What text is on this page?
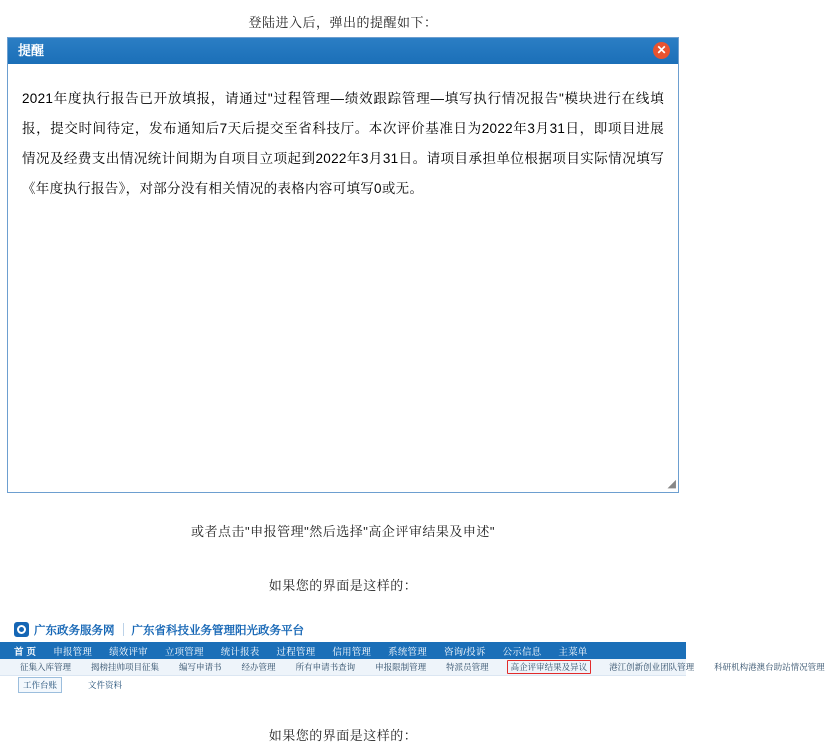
登陆进入后，弹出的提醒如下：
提醒	✕
2021年度执行报告已开放填报，请通过"过程管理—绩效跟踪管理—填写执行情况报告"模块进行在线填报，提交时间待定，发布通知后7天后提交至省科技厅。本次评价基准日为2022年3月31日，即项目进展情况及经费支出情况统计间期为自项目立项起到2022年3月31日。请项目承担单位根据项目实际情况填写《年度执行报告》，对部分没有相关情况的表格内容可填写0或无。
◢
或者点击"申报管理"然后选择"高企评审结果及申述"
如果您的界面是这样的：
广东政务服务网 广东省科技业务管理阳光政务平台
首 页 申报管理 绩效评审 立项管理 统计报表 过程管理 信用管理 系统管理 咨询/投诉 公示信息 主菜单
征集入库管理 揭榜挂帅项目征集 编写申请书 经办管理 所有申请书查询 申报限制管理 特派员管理	高企评审结果及异议	港江创新创业团队管理 科研机构港澳台助站情况管理
工作台账	文件资料
如果您的界面是这样的：
